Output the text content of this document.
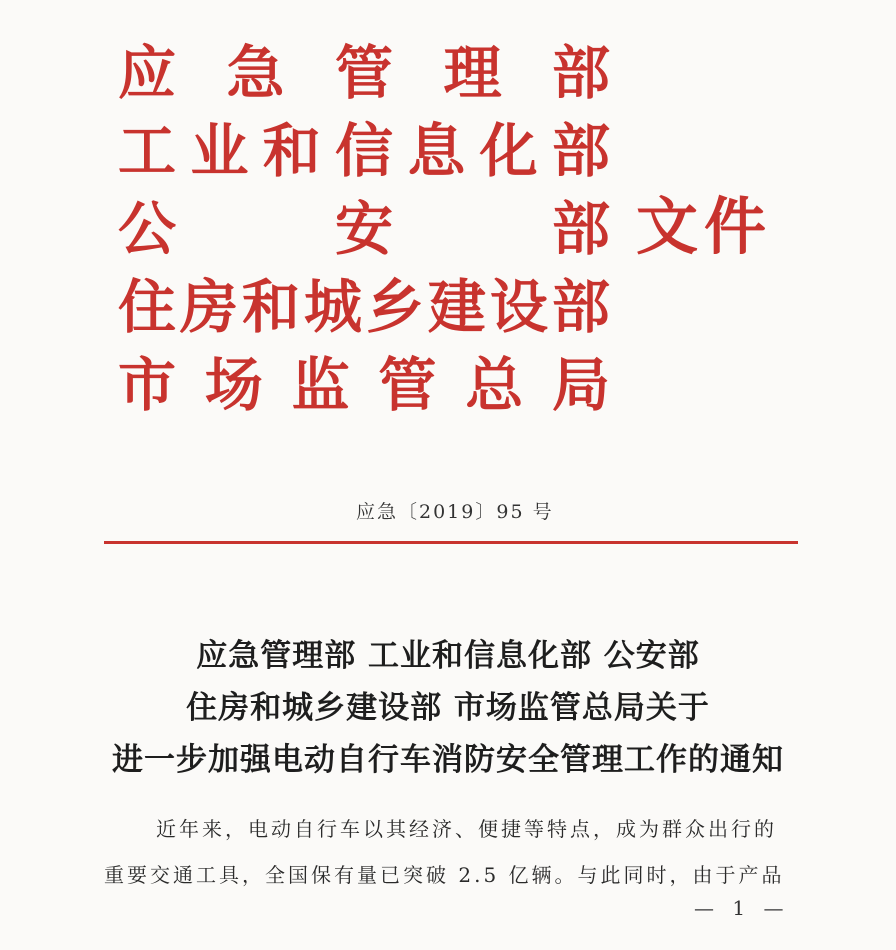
应 急 管 理 部
工 业 和 信 息 化 部
公	安	部
住 房 和 城 乡 建 设 部
市 场 监 管 总 局
文件
应急〔2019〕95 号
应急管理部 工业和信息化部 公安部
住房和城乡建设部 市场监管总局关于
进一步加强电动自行车消防安全管理工作的通知
近年来，电动自行车以其经济、便捷等特点，成为群众出行的
重要交通工具，全国保有量已突破 2.5 亿辆。与此同时，由于产品
— 1 —
